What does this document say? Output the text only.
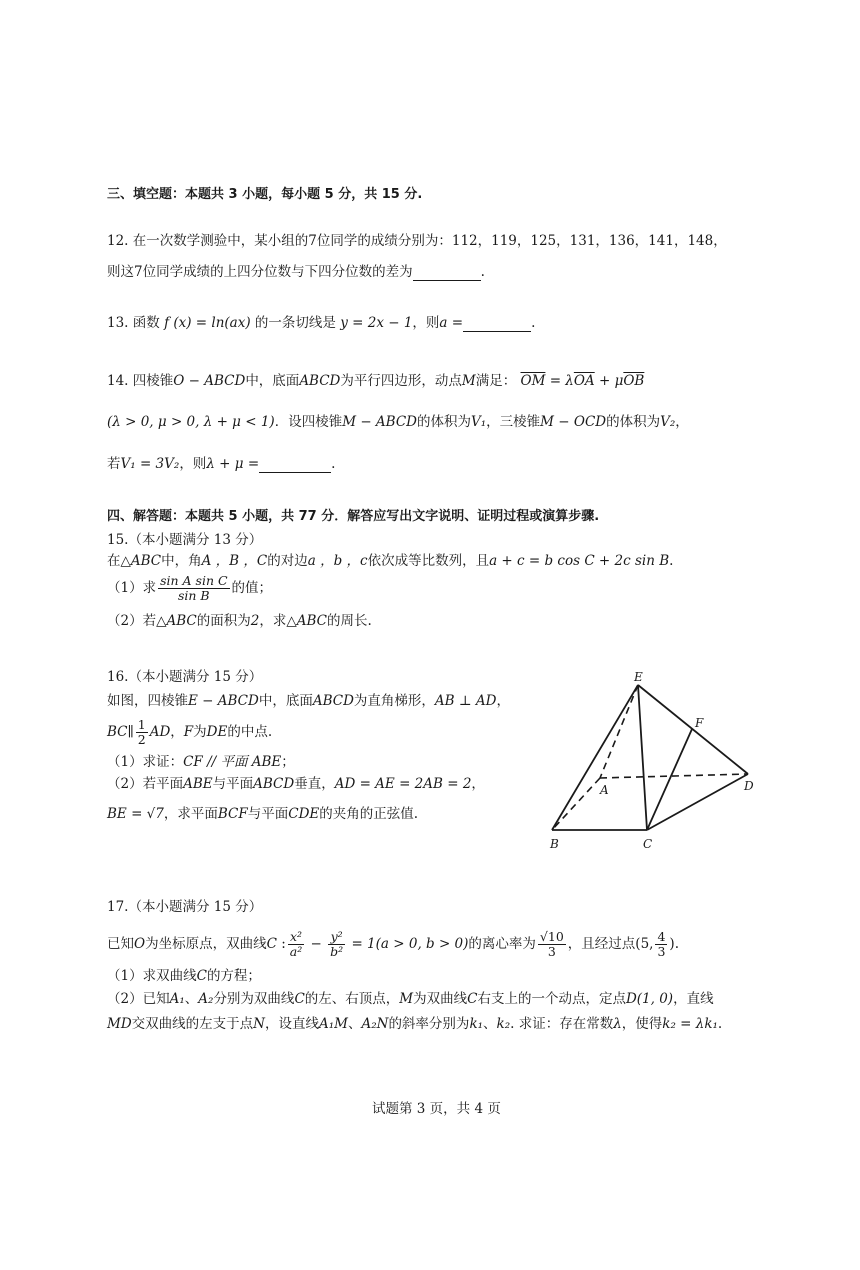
三、填空题：本题共 3 小题，每小题 5 分，共 15 分.
12. 在一次数学测验中，某小组的7位同学的成绩分别为：112，119，125，131，136，141，148，
则这7位同学成绩的上四分位数与下四分位数的差为	.
13. 函数 f (x) = ln(ax) 的一条切线是 y = 2x − 1，则a =	.
14. 四棱锥O − ABCD中，底面ABCD为平行四边形，动点M满足： $\overline{OM} = \lambda\overline{OA} + \mu\overline{OB}$
(λ > 0, μ > 0, λ + μ < 1)．设四棱锥M − ABCD的体积为V₁，三棱锥M − OCD的体积为V₂，
若V₁ = 3V₂，则λ + μ =	.
四、解答题：本题共 5 小题，共 77 分．解答应写出文字说明、证明过程或演算步骤.
15.（本小题满分 13 分）
在△ABC中，角A ，B ，C的对边a ，b ，c依次成等比数列，且a + c = b cos C + 2c sin B.
（1）求 $\frac{\text{sin A sin C}}{\text{sin B}}$ 的值；
（2）若△ABC的面积为2，求△ABC的周长.
16.（本小题满分 15 分）
如图，四棱锥E − ABCD中，底面ABCD为直角梯形，AB ⊥ AD，
BC∥ $\frac{1}{2}$ AD，F为DE的中点.
（1）求证：CF // 平面 ABE；
（2）若平面ABE与平面ABCD垂直，AD = AE = 2AB = 2，
BE = √7，求平面BCF与平面CDE的夹角的正弦值.
E
F
A	D
B	C
17.（本小题满分 15 分）
已知O为坐标原点，双曲线C : $\frac{\text{x²}}{\text{a²}} - \frac{\text{y²}}{\text{b²}} = 1(a > 0$, b > 0)的离心率为 $\frac{√10}{3}$ ，且经过点(5, $\frac{4}{3}$ ).
（1）求双曲线C的方程；
（2）已知A₁、A₂分别为双曲线C的左、右顶点，M为双曲线C右支上的一个动点，定点D(1, 0)，直线
MD交双曲线的左支于点N，设直线A₁M、A₂N的斜率分别为k₁、k₂. 求证：存在常数λ，使得k₂ = λk₁.
试题第 3 页，共 4 页
